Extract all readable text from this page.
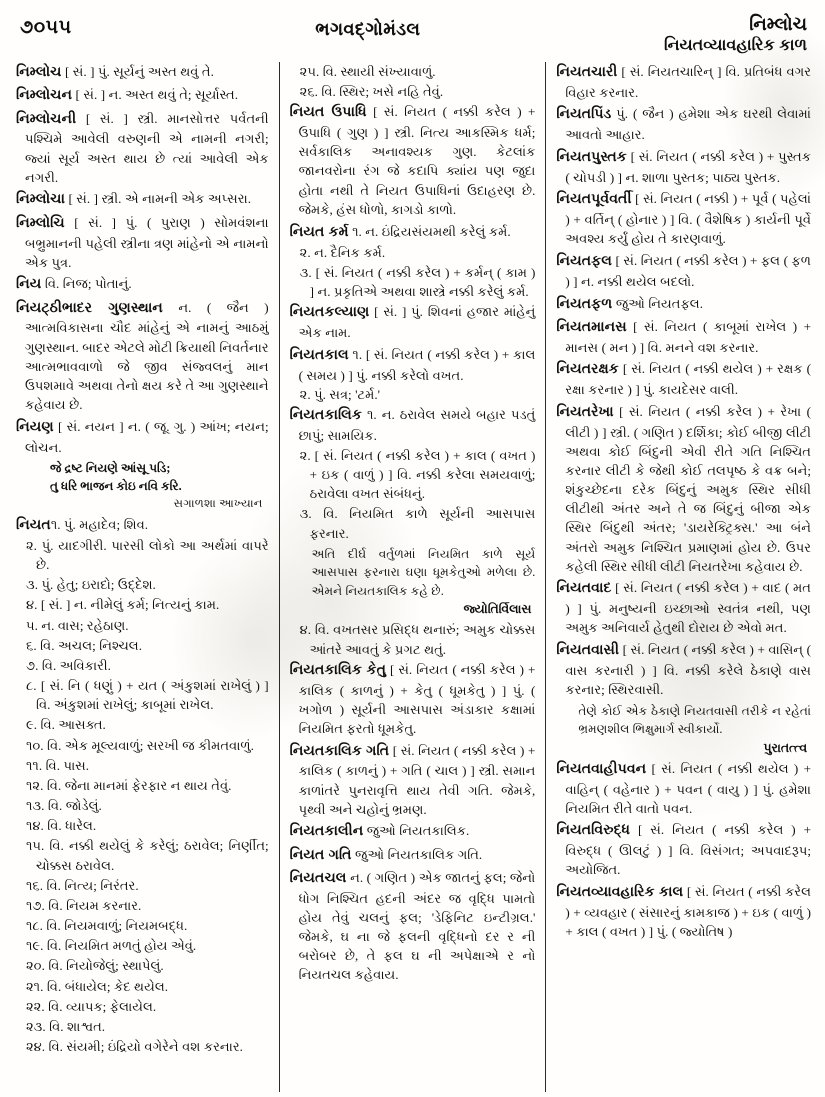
૭૦૫૫	ભગવદ્ગોમંડલ	નિમ્લોચ
નિયતવ્યાવહારિક કાળ

નિમ્લોચ [ સં. ] પું. સૂર્યનું અસ્ત થવું તે.

નિમ્લોચન [ સં. ] ન. અસ્ત થવું તે; સૂર્યાસ્ત.

નિમ્લોચની [ સં. ] સ્ત્રી. માનસોત્તર પર્વતની પશ્ચિમે આવેલી વરુણની એ નામની નગરી; જ્યાં સૂર્ય અસ્ત થાય છે ત્યાં આવેલી એક નગરી.

નિમ્લોચા [ સં. ] સ્ત્રી. એ નામની એક અપ્સરા.

નિમ્લોચિ [ સં. ] પું. ( પુરાણ ) સોમવંશના બભ્રુમાનની પહેલી સ્ત્રીના ત્રણ માંહેનો એ નામનો એક પુત્ર.

નિય વિ. નિજ; પોતાનું.

નિયટ્ઠીભાદર ગુણસ્થાન ન. ( જૈન ) આત્મવિકાસના ચૌદ માંહેનું એ નામનું આઠમું ગુણસ્થાન. બાદર એટલે મોટી ક્રિયાથી નિવર્તનાર આત્મભાવવાળો જે જીવ સંજ્વલનું માન ઉપશમાવે અથવા તેનો ક્ષય કરે તે આ ગુણસ્થાને કહેવાય છે.

નિયણ [ સં. નયન ] ન. ( જૂ. ગુ. ) આંખ; નયન; લોચન.

જે દ્રષ્ટ નિયણે આંસૂ પડિ;
તુ ધરિ ભાજન કોઇ નવિ કરિ.
સગાળશા આખ્યાન

નિયત૧. પું. મહાદેવ; શિવ.

૨. પું. યાદગીરી. પારસી લોકો આ અર્થમાં વાપરે છે.

૩. પું. હેતુ; ઇરાદો; ઉદ્દેશ.

૪. [ સં. ] ન. નીમેલું કર્મ; નિત્યનું કામ.

૫. ન. વાસ; રહેઠાણ.

૬. વિ. અચલ; નિશ્ચલ.

૭. વિ. અવિકારી.

૮. [ સં. નિ ( ધણું ) + યત ( અંકુશમાં રાખેલું ) ] વિ. અંકુશમાં રાખેલું; કાબૂમાં રાખેલ.

૯. વિ. આસક્ત.

૧૦. વિ. એક મૂલ્યવાળું; સરખી જ કીમતવાળું.

૧૧. વિ. પાસ.

૧૨. વિ. જેના માનમાં ફેરફાર ન થાય તેવું.

૧૩. વિ. જોડેલું.

૧૪. વિ. ધારેલ.

૧૫. વિ. નક્કી થયેલું કે કરેલું; ઠરાવેલ; નિર્ણીત; ચોક્કસ ઠરાવેલ.

૧૬. વિ. નિત્ય; નિરંતર.

૧૭. વિ. નિયમ કરનાર.

૧૮. વિ. નિયમવાળું; નિયમબદ્ધ.

૧૯. વિ. નિયમિત મળતું હોય એવું.

૨૦. વિ. નિયોજેલું; સ્થાપેલું.

૨૧. વિ. બંધાયેલ; કેદ થયેલ.

૨૨. વિ. વ્યાપક; ફેલાયેલ.

૨૩. વિ. શાશ્વત.

૨૪. વિ. સંયમી; ઇંદ્રિયો વગેરેને વશ કરનાર.

૨૫. વિ. સ્થાયી સંખ્યાવાળું.

૨૬. વિ. સ્થિર; ખસે નહિ તેવું.

નિયત ઉપાધિ [ સં. નિયત ( નક્કી કરેલ ) + ઉપાધિ ( ગુણ ) ] સ્ત્રી. નિત્ય આકસ્મિક ધર્મ; સર્વકાલિક અનાવશ્યક ગુણ. કેટલાંક જાનવરોના રંગ જે કદાપિ ક્યાંય પણ જુદા હોતા નથી તે નિયત ઉપાધિનાં ઉદાહરણ છે. જેમકે, હંસ ધોળો, કાગડો કાળો.

નિયત કર્મ ૧. ન. ઇંદ્રિયસંયમથી કરેલું કર્મ.

૨. ન. દૈનિક કર્મ.

૩. [ સં. નિયત ( નક્કી કરેલ ) + કર્મન્ ( કામ ) ] ન. પ્રકૃતિએ અથવા શાસ્ત્રે નક્કી કરેલું કર્મ.

નિયતકલ્યાણ [ સં. ] પું. શિવનાં હજાર માંહેનું એક નામ.

નિયતકાલ ૧. [ સં. નિયત ( નક્કી કરેલ ) + કાલ ( સમય ) ] પું. નક્કી કરેલો વખત.

૨. પું. સત્ર; 'ટર્મ.'

નિયતકાલિક ૧. ન. ઠરાવેલ સમયે બહાર પડતું છાપું; સામયિક.

૨. [ સં. નિયત ( નક્કી કરેલ ) + કાલ ( વખત ) + ઇક ( વાળું ) ] વિ. નક્કી કરેલા સમયવાળું; ઠરાવેલા વખત સંબંધનું.

૩. વિ. નિયમિત કાળે સૂર્યની આસપાસ ફરનાર.

અતિ દીર્ઘ વર્તુળમાં નિયમિત કાળે સૂર્ય આસપાસ ફરનારા ઘણા ધૂમકેતુઓ મળેલા છે. એમને નિયતકાલિક કહે છે.

જ્યોતિર્વિલાસ

૪. વિ. વખતસર પ્રસિદ્ધ થનારું; અમુક ચોક્કસ આંતરે આવતું કે પ્રગટ થતું.

નિયતકાલિક કેતુ [ સં. નિયત ( નક્કી કરેલ ) + કાલિક ( કાળનું ) + કેતુ ( ધૂમકેતુ ) ] પું. ( ખગોળ ) સૂર્યની આસપાસ અંડાકાર કક્ષામાં નિયમિત ફરતો ધૂમકેતુ.

નિયતકાલિક ગતિ [ સં. નિયત ( નક્કી કરેલ ) + કાલિક ( કાળનું ) + ગતિ ( ચાલ ) ] સ્ત્રી. સમાન કાળાંતરે પુનરાવૃત્તિ થાય તેવી ગતિ. જેમકે, પૃથ્વી અને ચહોનું ભ્રમણ.

નિયતકાલીન જુઓ નિયતકાલિક.

નિયત ગતિ જુઓ નિયતકાલિક ગતિ.

નિયતચલ ન. ( ગણિત ) એક જાતનું ફલ; જેનો ધોગ નિશ્ચિત હદની અંદર જ વૃદ્ધિ પામતો હોય તેવું ચલનું ફલ; 'ડેફિનિટ ઇન્ટીગ્રલ.' જેમકે, ઘ ના જે ફલની વૃદ્ધિનો દર ર ની બરોબર છે, તે ફલ ઘ ની અપેક્ષાએ ર નો નિયતચલ કહેવાય.

નિયતચારી [ સં. નિયતચારિન્ ] વિ. પ્રતિબંધ વગર વિહાર કરનાર.

નિયતપિંડ પું. ( જૈન ) હમેશા એક ઘરથી લેવામાં આવતો આહાર.

નિયતપુસ્તક [ સં. નિયત ( નક્કી કરેલ ) + પુસ્તક ( ચોપડી ) ] ન. શાળા પુસ્તક; પાઠ્ય પુસ્તક.

નિયતપૂર્વવર્તી [ સં. નિયત ( નક્કી ) + પૂર્વ ( પહેલાં ) + વર્તિન્ ( હોનાર ) ] વિ. ( વૈશેષિક ) કાર્યની પૂર્વે અવશ્ય કર્યું હોય તે કારણવાળું.

નિયતફલ [ સં. નિયત ( નક્કી કરેલ ) + ફલ ( ફળ ) ] ન. નક્કી થયેલ બદલો.

નિયતફળ જુઓ નિયતફલ.

નિયતમાનસ [ સં. નિયત ( કાબૂમાં રાખેલ ) + માનસ ( મન ) ] વિ. મનને વશ કરનાર.

નિયતરક્ષક [ સં. નિયત ( નક્કી થયેલ ) + રક્ષક ( રક્ષા કરનાર ) ] પું. કાયદેસર વાલી.

નિયતરેખા [ સં. નિયત ( નક્કી કરેલ ) + રેખા ( લીટી ) ] સ્ત્રી. ( ગણિત ) દર્શિકા; કોઈ બીજી લીટી અથવા કોઈ બિંદુની એવી રીતે ગતિ નિશ્ચિત કરનાર લીટી કે જેથી કોઈ તલપૃષ્ઠ કે વક્ર બને; શંકુચ્છેદના દરેક બિંદુનું અમુક સ્થિર સીધી લીટીથી અંતર અને તે જ બિંદુનું બીજા એક સ્થિર બિંદુથી અંતર; 'ડાયરેક્ટ્રિક્સ.' આ બંને અંતરો અમુક નિશ્ચિત પ્રમાણમાં હોય છે. ઉપર કહેલી સ્થિર સીધી લીટી નિયતરેખા કહેવાય છે.

નિયતવાદ [ સં. નિયત ( નક્કી કરેલ ) + વાદ ( મત ) ] પું. મનુષ્યની ઇચ્છાઓ સ્વતંત્ર નથી, પણ અમુક અનિવાર્ય હેતુથી દોરાય છે એવો મત.

નિયતવાસી [ સં. નિયત ( નક્કી કરેલ ) + વાસિન્ ( વાસ કરનારી ) ] વિ. નક્કી કરેલે ઠેકાણે વાસ કરનાર; સ્થિરવાસી.

તેણે કોઈ એક ઠેકાણે નિયતવાસી તરીકે ન રહેતાં ભ્રમણશીલ ભિક્ષુમાર્ગ સ્વીકાર્યો.

પુરાતત્ત્વ

નિયતવાહીપવન [ સં. નિયત ( નક્કી થયેલ ) + વાહિન્ ( વહેનાર ) + પવન ( વાયુ ) ] પું. હમેશા નિયમિત રીતે વાતો પવન.

નિયતવિરુદ્ધ [ સં. નિયત ( નક્કી કરેલ ) + વિરુદ્ધ ( ઊલટું ) ] વિ. વિસંગત; અપવાદરૂપ; અયોજિત.

નિયતવ્યાવહારિક કાલ [ સં. નિયત ( નક્કી કરેલ ) + વ્યવહાર ( સંસારનું કામકાજ ) + ઇક ( વાળું ) + કાલ ( વખત ) ] પું. ( જ્યોતિષ )
